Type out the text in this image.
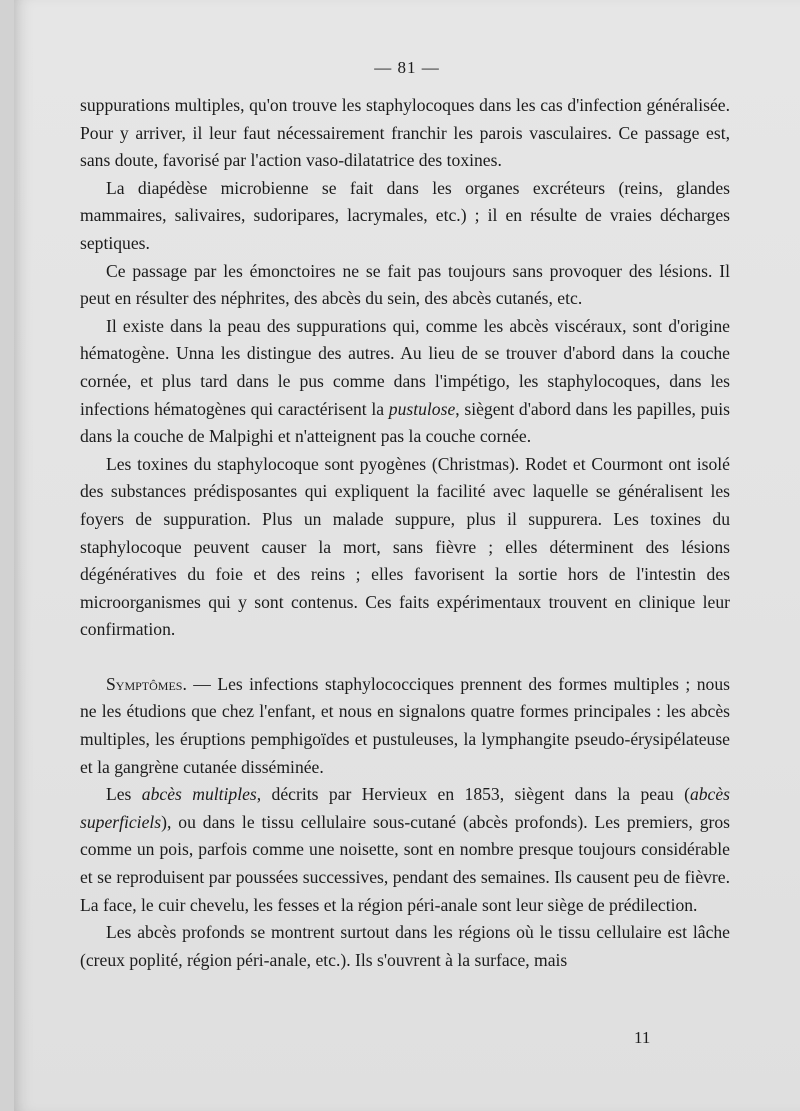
— 81 —

suppurations multiples, qu'on trouve les staphylocoques dans les cas d'infection généralisée. Pour y arriver, il leur faut nécessairement franchir les parois vasculaires. Ce passage est, sans doute, favorisé par l'action vaso-dilatatrice des toxines.

La diapédèse microbienne se fait dans les organes excréteurs (reins, glandes mammaires, salivaires, sudoripares, lacrymales, etc.) ; il en résulte de vraies décharges septiques.

Ce passage par les émonctoires ne se fait pas toujours sans provoquer des lésions. Il peut en résulter des néphrites, des abcès du sein, des abcès cutanés, etc.

Il existe dans la peau des suppurations qui, comme les abcès viscéraux, sont d'origine hématogène. Unna les distingue des autres. Au lieu de se trouver d'abord dans la couche cornée, et plus tard dans le pus comme dans l'impétigo, les staphylocoques, dans les infections hématogènes qui caractérisent la pustulose, siègent d'abord dans les papilles, puis dans la couche de Malpighi et n'atteignent pas la couche cornée.

Les toxines du staphylocoque sont pyogènes (Christmas). Rodet et Courmont ont isolé des substances prédisposantes qui expliquent la facilité avec laquelle se généralisent les foyers de suppuration. Plus un malade suppure, plus il suppurera. Les toxines du staphylocoque peuvent causer la mort, sans fièvre ; elles déterminent des lésions dégénératives du foie et des reins ; elles favorisent la sortie hors de l'intestin des microorganismes qui y sont contenus. Ces faits expérimentaux trouvent en clinique leur confirmation.

Symptômes. — Les infections staphylococciques prennent des formes multiples ; nous ne les étudions que chez l'enfant, et nous en signalons quatre formes principales : les abcès multiples, les éruptions pemphigoïdes et pustuleuses, la lymphangite pseudo-érysipélateuse et la gangrène cutanée disséminée.

Les abcès multiples, décrits par Hervieux en 1853, siègent dans la peau (abcès superficiels), ou dans le tissu cellulaire sous-cutané (abcès profonds). Les premiers, gros comme un pois, parfois comme une noisette, sont en nombre presque toujours considérable et se reproduisent par poussées successives, pendant des semaines. Ils causent peu de fièvre. La face, le cuir chevelu, les fesses et la région péri-anale sont leur siège de prédilection.

Les abcès profonds se montrent surtout dans les régions où le tissu cellulaire est lâche (creux poplité, région péri-anale, etc.). Ils s'ouvrent à la surface, mais

11
